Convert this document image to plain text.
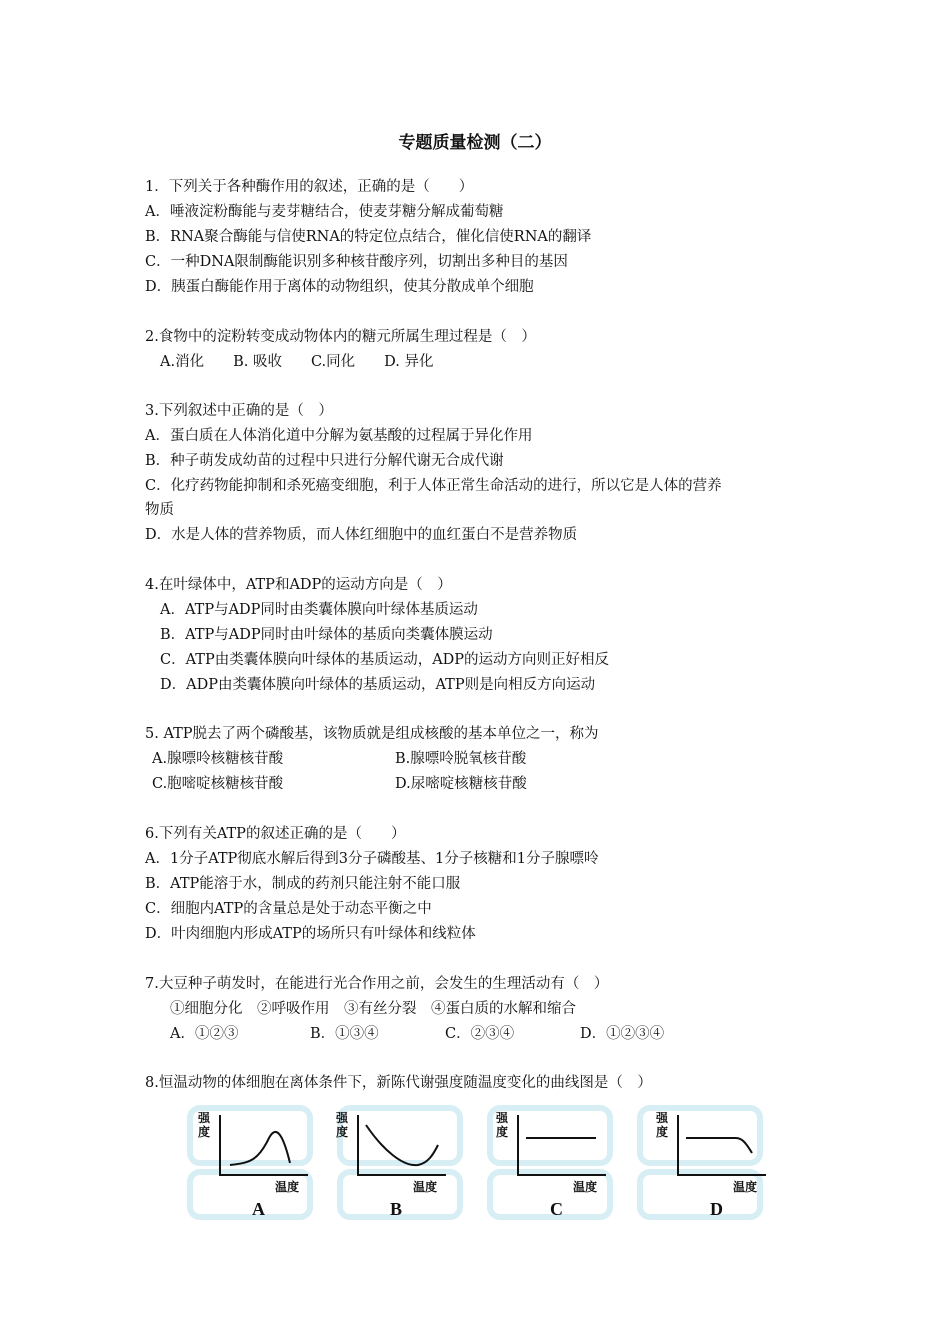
专题质量检测（二）
1．下列关于各种酶作用的叙述，正确的是（　　）
A．唾液淀粉酶能与麦芽糖结合，使麦芽糖分解成葡萄糖
B．RNA聚合酶能与信使RNA的特定位点结合，催化信使RNA的翻译
C．一种DNA限制酶能识别多种核苷酸序列，切割出多种目的基因
D．胰蛋白酶能作用于离体的动物组织，使其分散成单个细胞
2.食物中的淀粉转变成动物体内的糖元所属生理过程是（　）
A.消化　　B. 吸收　　C.同化　　D. 异化
3.下列叙述中正确的是（　）
A．蛋白质在人体消化道中分解为氨基酸的过程属于异化作用
B．种子萌发成幼苗的过程中只进行分解代谢无合成代谢
C．化疗药物能抑制和杀死癌变细胞，利于人体正常生命活动的进行，所以它是人体的营养
物质
D．水是人体的营养物质，而人体红细胞中的血红蛋白不是营养物质
4.在叶绿体中，ATP和ADP的运动方向是（　）
A．ATP与ADP同时由类囊体膜向叶绿体基质运动
B．ATP与ADP同时由叶绿体的基质向类囊体膜运动
C．ATP由类囊体膜向叶绿体的基质运动，ADP的运动方向则正好相反
D．ADP由类囊体膜向叶绿体的基质运动，ATP则是向相反方向运动
5. ATP脱去了两个磷酸基，该物质就是组成核酸的基本单位之一，称为
A.腺嘌呤核糖核苷酸	B.腺嘌呤脱氧核苷酸
C.胞嘧啶核糖核苷酸	D.尿嘧啶核糖核苷酸
6.下列有关ATP的叙述正确的是（　　）
A．1分子ATP彻底水解后得到3分子磷酸基、1分子核糖和1分子腺嘌呤
B．ATP能溶于水，制成的药剂只能注射不能口服
C．细胞内ATP的含量总是处于动态平衡之中
D．叶肉细胞内形成ATP的场所只有叶绿体和线粒体
7.大豆种子萌发时，在能进行光合作用之前，会发生的生理活动有（　）
①细胞分化　②呼吸作用　③有丝分裂　④蛋白质的水解和缩合
A．①②③	B．①③④	C．②③④	D．①②③④
8.恒温动物的体细胞在离体条件下，新陈代谢强度随温度变化的曲线图是（　）
强度
温度
A
强度
温度
B
强度
温度
C
强度
温度
D
